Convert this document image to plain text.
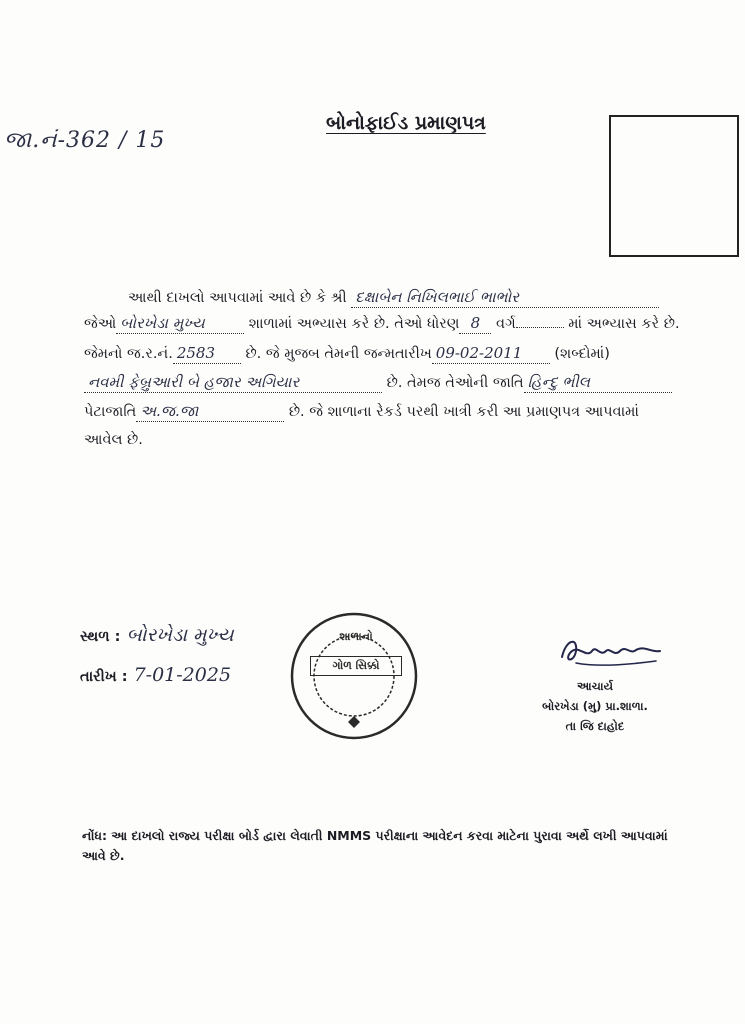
જા.નં-362 / 15
બોનોફાઈડ પ્રમાણપત્ર
આથી દાખલો આપવામાં આવે છે કે શ્રી દક્ષાબેન નિખિલભાઈ ભાભોર
જેઓ બોરખેડા મુખ્ય	શાળામાં અભ્યાસ કરે છે. તેઓ ધોરણ 8 વર્ગ	માં અભ્યાસ કરે છે.
જેમનો જ.ર.નં. 2583 છે. જે મુજબ તેમની જન્મતારીખ 09-02-2011 (શબ્દોમાં)
નવમી ફેબ્રુઆરી બે હજાર અગિયાર	છે. તેમજ તેઓની જાતિ હિન્દુ ભીલ
પેટાજાતિ અ.જ.જા	છે. જે શાળાના રેકર્ડ પરથી ખાત્રી કરી આ પ્રમાણપત્ર આપવામાં
આવેલ છે.
સ્થળ : બોરખેડા મુખ્ય
તારીખ : 7-01-2025
શાળાનો
ગોળ સિક્કો
આચાર્ય
બોરખેડા (મુ) પ્રા.શાળા.
તા જિ દાહોદ
નોંધ: આ દાખલો રાજ્ય પરીક્ષા બોર્ડ દ્વારા લેવાતી NMMS પરીક્ષાના આવેદન કરવા માટેના પુરાવા અર્થે લખી આપવામાં આવે છે.
